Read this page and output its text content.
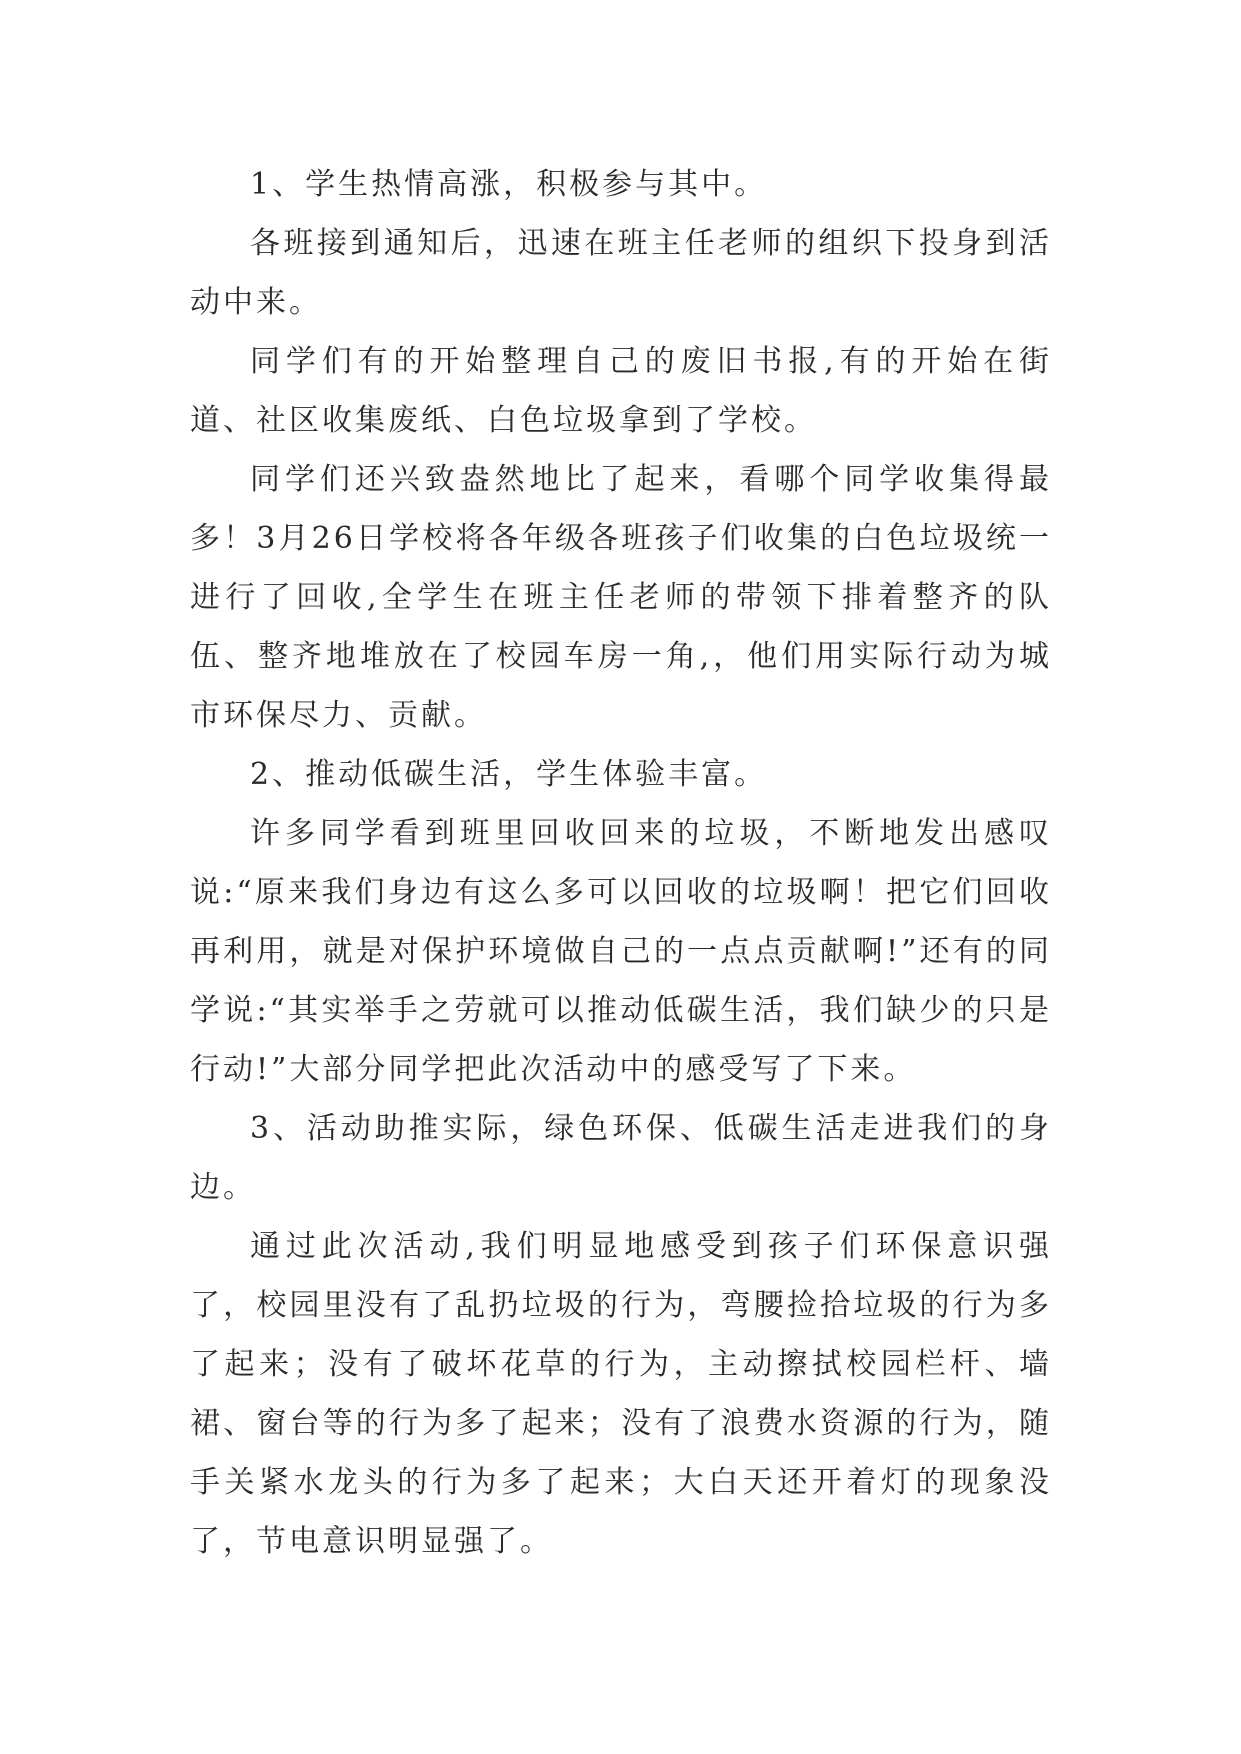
1、学生热情高涨，积极参与其中。

各班接到通知后，迅速在班主任老师的组织下投身到活动中来。

同学们有的开始整理自己的废旧书报,有的开始在街道、社区收集废纸、白色垃圾拿到了学校。

同学们还兴致盎然地比了起来，看哪个同学收集得最多！3月26日学校将各年级各班孩子们收集的白色垃圾统一进行了回收,全学生在班主任老师的带领下排着整齐的队伍、整齐地堆放在了校园车房一角,，他们用实际行动为城市环保尽力、贡献。

2、推动低碳生活，学生体验丰富。

许多同学看到班里回收回来的垃圾，不断地发出感叹说:“原来我们身边有这么多可以回收的垃圾啊！把它们回收再利用，就是对保护环境做自己的一点点贡献啊!”还有的同学说:“其实举手之劳就可以推动低碳生活，我们缺少的只是行动!”大部分同学把此次活动中的感受写了下来。

3、活动助推实际，绿色环保、低碳生活走进我们的身边。

通过此次活动,我们明显地感受到孩子们环保意识强了，校园里没有了乱扔垃圾的行为，弯腰捡拾垃圾的行为多了起来；没有了破坏花草的行为，主动擦拭校园栏杆、墙裙、窗台等的行为多了起来；没有了浪费水资源的行为，随手关紧水龙头的行为多了起来；大白天还开着灯的现象没了，节电意识明显强了。
